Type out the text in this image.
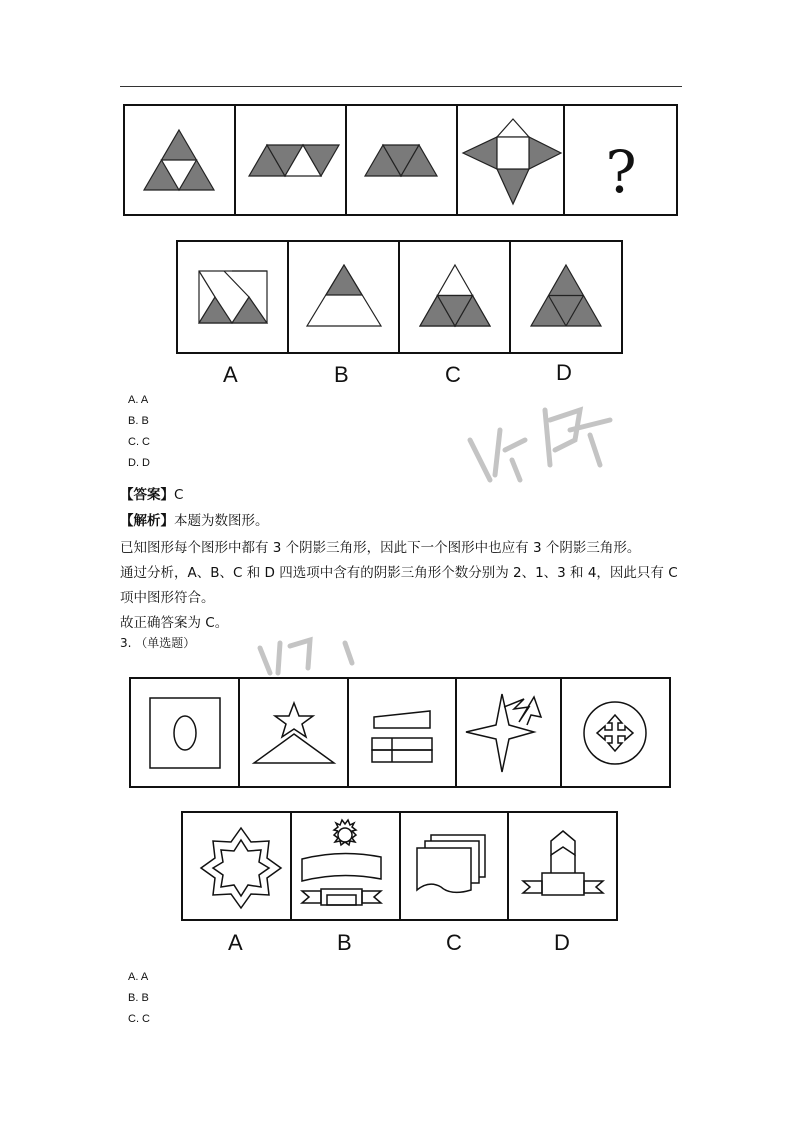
?
A	B	C	D
A. A
B. B
C. C
D. D
【答案】C
【解析】本题为数图形。
已知图形每个图形中都有 3 个阴影三角形，因此下一个图形中也应有 3 个阴影三角形。
通过分析，A、B、C 和 D 四选项中含有的阴影三角形个数分别为 2、1、3 和 4，因此只有 C
项中图形符合。
故正确答案为 C。
3. （单选题）
A	B	C	D
A. A
B. B
C. C
